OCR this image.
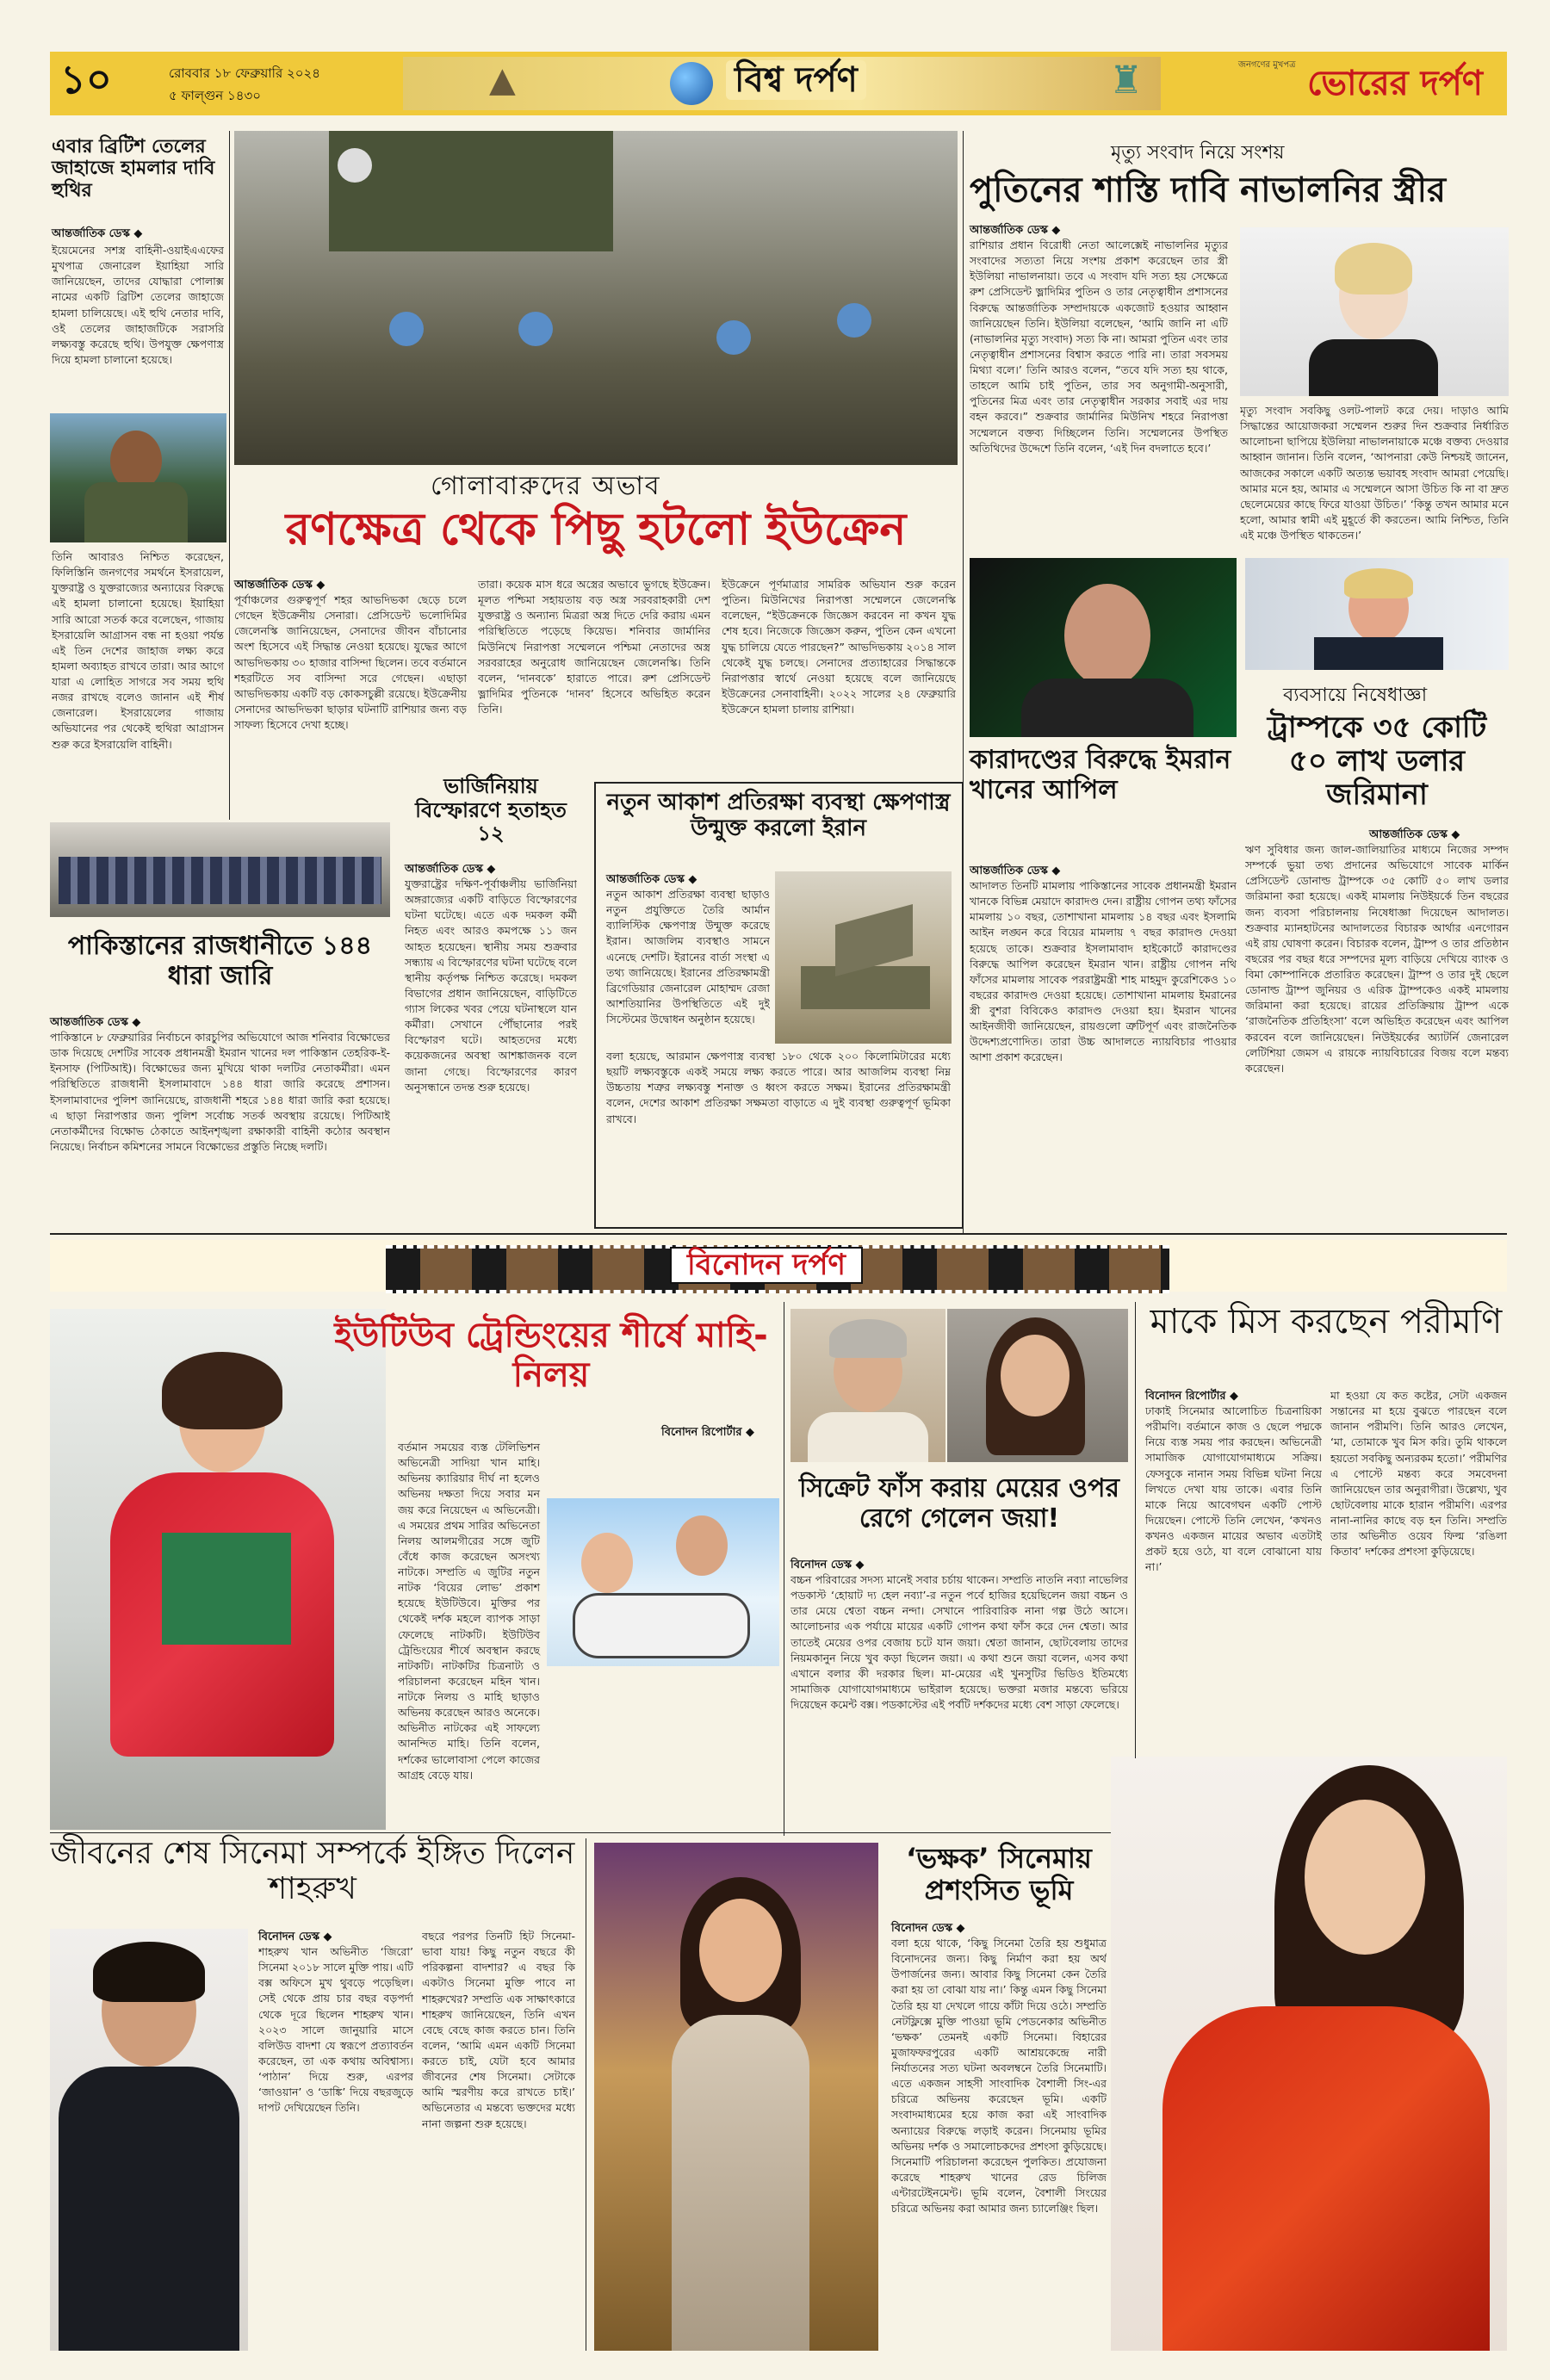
১০	রোববার ১৮ ফেব্রুয়ারি ২০২৪
৫ ফাল্গুন ১৪৩০	▲	♜
বিশ্ব দর্পণ	জনগণের মুখপত্র ভোরের দর্পণ
এবার ব্রিটিশ তেলের জাহাজে হামলার দাবি হুথির
আন্তর্জাতিক ডেস্ক ◆
ইয়েমেনের সশস্ত্র বাহিনী-ওয়াইএএফের মুখপাত্র জেনারেল ইয়াহিয়া সারি জানিয়েছেন, তাদের যোদ্ধারা পোলাক্স নামের একটি ব্রিটিশ তেলের জাহাজে হামলা চালিয়েছে। এই হুথি নেতার দাবি, ওই তেলের জাহাজটিকে সরাসরি লক্ষ্যবস্তু করেছে হুথি। উপযুক্ত ক্ষেপণাস্ত্র দিয়ে হামলা চালানো হয়েছে।
তিনি আবারও নিশ্চিত করেছেন, ফিলিস্তিনি জনগণের সমর্থনে ইসরায়েল, যুক্তরাষ্ট্র ও যুক্তরাজ্যের অন্যায়ের বিরুদ্ধে এই হামলা চালানো হয়েছে। ইয়াহিয়া সারি আরো সতর্ক করে বলেছেন, গাজায় ইসরায়েলি আগ্রাসন বন্ধ না হওয়া পর্যন্ত এই তিন দেশের জাহাজ লক্ষ্য করে হামলা অব্যাহত রাখবে তারা। আর আগে যারা এ লোহিত সাগরে সব সময় হুথি নজর রাখছে বলেও জানান এই শীর্ষ জেনারেল। ইসরায়েলের গাজায় অভিযানের পর থেকেই হুথিরা আগ্রাসন শুরু করে ইসরায়েলি বাহিনী।
গোলাবারুদের অভাব
রণক্ষেত্র থেকে পিছু হটলো ইউক্রেন
আন্তর্জাতিক ডেস্ক ◆
পূর্বাঞ্চলের গুরুত্বপূর্ণ শহর আভদিভকা ছেড়ে চলে গেছেন ইউক্রেনীয় সেনারা। প্রেসিডেন্ট ভলোদিমির জেলেনস্কি জানিয়েছেন, সেনাদের জীবন বাঁচানোর অংশ হিসেবে এই সিদ্ধান্ত নেওয়া হয়েছে। যুদ্ধের আগে আভদিভকায় ৩০ হাজার বাসিন্দা ছিলেন। তবে বর্তমানে শহরটিতে সব বাসিন্দা সরে গেছেন। এছাড়া আভদিভকায় একটি বড় কোকসচুল্লী রয়েছে। ইউক্রেনীয় সেনাদের আভদিভকা ছাড়ার ঘটনাটি রাশিয়ার জন্য বড় সাফল্য হিসেবে দেখা হচ্ছে।
তারা। কয়েক মাস ধরে অস্ত্রের অভাবে ভুগছে ইউক্রেন। মূলত পশ্চিমা সহায়তায় বড় অস্ত্র সরবরাহকারী দেশ যুক্তরাষ্ট্র ও অন্যান্য মিত্ররা অস্ত্র দিতে দেরি করায় এমন পরিস্থিতিতে পড়েছে কিয়েভ। শনিবার জার্মানির মিউনিখে নিরাপত্তা সম্মেলনে পশ্চিমা নেতাদের অস্ত্র সরবরাহের অনুরোধ জানিয়েছেন জেলেনস্কি। তিনি বলেন, ‘দানবকে’ হারাতে পারে। রুশ প্রেসিডেন্ট ভ্লাদিমির পুতিনকে ‘দানব’ হিসেবে অভিহিত করেন তিনি।
ইউক্রেনে পূর্ণমাত্রার সামরিক অভিযান শুরু করেন পুতিন। মিউনিখের নিরাপত্তা সম্মেলনে জেলেনস্কি বলেছেন, “ইউক্রেনকে জিজ্ঞেস করবেন না কখন যুদ্ধ শেষ হবে। নিজেকে জিজ্ঞেস করুন, পুতিন কেন এখনো যুদ্ধ চালিয়ে যেতে পারছেন?” আভদিভকায় ২০১৪ সাল থেকেই যুদ্ধ চলছে। সেনাদের প্রত্যাহারের সিদ্ধান্তকে নিরাপত্তার স্বার্থে নেওয়া হয়েছে বলে জানিয়েছে ইউক্রেনের সেনাবাহিনী। ২০২২ সালের ২৪ ফেব্রুয়ারি ইউক্রেনে হামলা চালায় রাশিয়া।
মৃত্যু সংবাদ নিয়ে সংশয়
পুতিনের শাস্তি দাবি নাভালনির স্ত্রীর
আন্তর্জাতিক ডেস্ক ◆
রাশিয়ার প্রধান বিরোধী নেতা আলেক্সেই নাভালনির মৃত্যুর সংবাদের সত্যতা নিয়ে সংশয় প্রকাশ করেছেন তার স্ত্রী ইউলিয়া নাভালনায়া। তবে এ সংবাদ যদি সত্য হয় সেক্ষেত্রে রুশ প্রেসিডেন্ট ভ্লাদিমির পুতিন ও তার নেতৃত্বাধীন প্রশাসনের বিরুদ্ধে আন্তর্জাতিক সম্প্রদায়কে একজোট হওয়ার আহ্বান জানিয়েছেন তিনি। ইউলিয়া বলেছেন, ‘আমি জানি না এটি (নাভালনির মৃত্যু সংবাদ) সত্য কি না। আমরা পুতিন এবং তার নেতৃত্বাধীন প্রশাসনের বিশ্বাস করতে পারি না। তারা সবসময় মিথ্যা বলে।’ তিনি আরও বলেন, “তবে যদি সত্য হয় থাকে, তাহলে আমি চাই পুতিন, তার সব অনুগামী-অনুসারী, পুতিনের মিত্র এবং তার নেতৃত্বাধীন সরকার সবাই এর দায় বহন করবে।” শুক্রবার জার্মানির মিউনিখ শহরে নিরাপত্তা সম্মেলনে বক্তব্য দিচ্ছিলেন তিনি। সম্মেলনের উপস্থিত অতিথিদের উদ্দেশে তিনি বলেন, ‘এই দিন বদলাতে হবে।’
মৃত্যু সংবাদ সবকিছু ওলট-পালট করে দেয়। দাড়াও আমি সিদ্ধান্তের আয়োজকরা সম্মেলন শুরুর দিন শুক্রবার নির্ধারিত আলোচনা ছাপিয়ে ইউলিয়া নাভালনায়াকে মঞ্চে বক্তব্য দেওয়ার আহ্বান জানান। তিনি বলেন, ‘আপনারা কেউ নিশ্চয়ই জানেন, আজকের সকালে একটি অত্যন্ত ভয়াবহ সংবাদ আমরা পেয়েছি। আমার মনে হয়, আমার এ সম্মেলনে আসা উচিত কি না বা দ্রুত ছেলেমেয়ের কাছে ফিরে যাওয়া উচিত।’ ‘কিন্তু তখন আমার মনে হলো, আমার স্বামী এই মুহূর্তে কী করতেন। আমি নিশ্চিত, তিনি এই মঞ্চে উপস্থিত থাকতেন।’
কারাদণ্ডের বিরুদ্ধে ইমরান খানের আপিল
আন্তর্জাতিক ডেস্ক ◆
আদালত তিনটি মামলায় পাকিস্তানের সাবেক প্রধানমন্ত্রী ইমরান খানকে বিভিন্ন মেয়াদে কারাদণ্ড দেন। রাষ্ট্রীয় গোপন তথ্য ফাঁসের মামলায় ১০ বছর, তোশাখানা মামলায় ১৪ বছর এবং ইসলামি আইন লঙ্ঘন করে বিয়ের মামলায় ৭ বছর কারাদণ্ড দেওয়া হয়েছে তাকে। শুক্রবার ইসলামাবাদ হাইকোর্টে কারাদণ্ডের বিরুদ্ধে আপিল করেছেন ইমরান খান। রাষ্ট্রীয় গোপন নথি ফাঁসের মামলায় সাবেক পররাষ্ট্রমন্ত্রী শাহ মাহমুদ কুরেশিকেও ১০ বছরের কারাদণ্ড দেওয়া হয়েছে। তোশাখানা মামলায় ইমরানের স্ত্রী বুশরা বিবিকেও কারাদণ্ড দেওয়া হয়। ইমরান খানের আইনজীবী জানিয়েছেন, রায়গুলো ত্রুটিপূর্ণ এবং রাজনৈতিক উদ্দেশ্যপ্রণোদিত। তারা উচ্চ আদালতে ন্যায়বিচার পাওয়ার আশা প্রকাশ করেছেন।
ব্যবসায়ে নিষেধাজ্ঞা
ট্রাম্পকে ৩৫ কোটি ৫০ লাখ ডলার জরিমানা
আন্তর্জাতিক ডেস্ক ◆
ঋণ সুবিধার জন্য জাল-জালিয়াতির মাধ্যমে নিজের সম্পদ সম্পর্কে ভুয়া তথ্য প্রদানের অভিযোগে সাবেক মার্কিন প্রেসিডেন্ট ডোনাল্ড ট্রাম্পকে ৩৫ কোটি ৫০ লাখ ডলার জরিমানা করা হয়েছে। একই মামলায় নিউইয়র্কে তিন বছরের জন্য ব্যবসা পরিচালনায় নিষেধাজ্ঞা দিয়েছেন আদালত। শুক্রবার ম্যানহাটনের আদালতের বিচারক আর্থার এনগোরন এই রায় ঘোষণা করেন। বিচারক বলেন, ট্রাম্প ও তার প্রতিষ্ঠান বছরের পর বছর ধরে সম্পদের মূল্য বাড়িয়ে দেখিয়ে ব্যাংক ও বিমা কোম্পানিকে প্রতারিত করেছেন। ট্রাম্প ও তার দুই ছেলে ডোনাল্ড ট্রাম্প জুনিয়র ও এরিক ট্রাম্পকেও একই মামলায় জরিমানা করা হয়েছে। রায়ের প্রতিক্রিয়ায় ট্রাম্প একে ‘রাজনৈতিক প্রতিহিংসা’ বলে অভিহিত করেছেন এবং আপিল করবেন বলে জানিয়েছেন। নিউইয়র্কের অ্যাটর্নি জেনারেল লেটিশিয়া জেমস এ রায়কে ন্যায়বিচারের বিজয় বলে মন্তব্য করেছেন।
পাকিস্তানের রাজধানীতে ১৪৪ ধারা জারি
আন্তর্জাতিক ডেস্ক ◆
পাকিস্তানে ৮ ফেব্রুয়ারির নির্বাচনে কারচুপির অভিযোগে আজ শনিবার বিক্ষোভের ডাক দিয়েছে দেশটির সাবেক প্রধানমন্ত্রী ইমরান খানের দল পাকিস্তান তেহরিক-ই-ইনসাফ (পিটিআই)। বিক্ষোভের জন্য মুখিয়ে থাকা দলটির নেতাকর্মীরা। এমন পরিস্থিতিতে রাজধানী ইসলামাবাদে ১৪৪ ধারা জারি করেছে প্রশাসন। ইসলামাবাদের পুলিশ জানিয়েছে, রাজধানী শহরে ১৪৪ ধারা জারি করা হয়েছে। এ ছাড়া নিরাপত্তার জন্য পুলিশ সর্বোচ্চ সতর্ক অবস্থায় রয়েছে। পিটিআই নেতাকর্মীদের বিক্ষোভ ঠেকাতে আইনশৃঙ্খলা রক্ষাকারী বাহিনী কঠোর অবস্থান নিয়েছে। নির্বাচন কমিশনের সামনে বিক্ষোভের প্রস্তুতি নিচ্ছে দলটি।
ভার্জিনিয়ায় বিস্ফোরণে হতাহত ১২
আন্তর্জাতিক ডেস্ক ◆
যুক্তরাষ্ট্রের দক্ষিণ-পূর্বাঞ্চলীয় ভার্জিনিয়া অঙ্গরাজ্যের একটি বাড়িতে বিস্ফোরণের ঘটনা ঘটেছে। এতে এক দমকল কর্মী নিহত এবং আরও কমপক্ষে ১১ জন আহত হয়েছেন। স্থানীয় সময় শুক্রবার সন্ধ্যায় এ বিস্ফোরণের ঘটনা ঘটেছে বলে স্থানীয় কর্তৃপক্ষ নিশ্চিত করেছে। দমকল বিভাগের প্রধান জানিয়েছেন, বাড়িটিতে গ্যাস লিকের খবর পেয়ে ঘটনাস্থলে যান কর্মীরা। সেখানে পৌঁছানোর পরই বিস্ফোরণ ঘটে। আহতদের মধ্যে কয়েকজনের অবস্থা আশঙ্কাজনক বলে জানা গেছে। বিস্ফোরণের কারণ অনুসন্ধানে তদন্ত শুরু হয়েছে।
নতুন আকাশ প্রতিরক্ষা ব্যবস্থা ক্ষেপণাস্ত্র উন্মুক্ত করলো ইরান
আন্তর্জাতিক ডেস্ক ◆
নতুন আকাশ প্রতিরক্ষা ব্যবস্থা ছাড়াও নতুন প্রযুক্তিতে তৈরি আর্মান ব্যালিস্টিক ক্ষেপণাস্ত্র উন্মুক্ত করেছে ইরান। আজলিম ব্যবস্থাও সামনে এনেছে দেশটি। ইরানের বার্তা সংস্থা এ তথ্য জানিয়েছে। ইরানের প্রতিরক্ষামন্ত্রী ব্রিগেডিয়ার জেনারেল মোহাম্মদ রেজা আশতিয়ানির উপস্থিতিতে এই দুই সিস্টেমের উদ্বোধন অনুষ্ঠান হয়েছে।
বলা হয়েছে, আরমান ক্ষেপণাস্ত্র ব্যবস্থা ১৮০ থেকে ২০০ কিলোমিটারের মধ্যে ছয়টি লক্ষ্যবস্তুকে একই সময়ে লক্ষ্য করতে পারে। আর আজলিম ব্যবস্থা নিম্ন উচ্চতায় শত্রুর লক্ষ্যবস্তু শনাক্ত ও ধ্বংস করতে সক্ষম। ইরানের প্রতিরক্ষামন্ত্রী বলেন, দেশের আকাশ প্রতিরক্ষা সক্ষমতা বাড়াতে এ দুই ব্যবস্থা গুরুত্বপূর্ণ ভূমিকা রাখবে।
বিনোদন দর্পণ
ইউটিউব ট্রেন্ডিংয়ের শীর্ষে মাহি-নিলয়
বিনোদন রিপোর্টার ◆
বর্তমান সময়ের ব্যস্ত টেলিভিশন অভিনেত্রী সাদিয়া খান মাহি। অভিনয় ক্যারিয়ার দীর্ঘ না হলেও অভিনয় দক্ষতা দিয়ে সবার মন জয় করে নিয়েছেন এ অভিনেত্রী। এ সময়ের প্রথম সারির অভিনেতা নিলয় আলমগীরের সঙ্গে জুটি বেঁধে কাজ করেছেন অসংখ্য নাটকে। সম্প্রতি এ জুটির নতুন নাটক ‘বিয়ের লোভ’ প্রকাশ হয়েছে ইউটিউবে। মুক্তির পর থেকেই দর্শক মহলে ব্যাপক সাড়া ফেলেছে নাটকটি। ইউটিউব ট্রেন্ডিংয়ের শীর্ষে অবস্থান করছে নাটকটি। নাটকটির চিত্রনাট্য ও পরিচালনা করেছেন মহিন খান। নাটকে নিলয় ও মাহি ছাড়াও অভিনয় করেছেন আরও অনেকে। অভিনীত নাটকের এই সাফল্যে আনন্দিত মাহি। তিনি বলেন, দর্শকের ভালোবাসা পেলে কাজের আগ্রহ বেড়ে যায়।
সিক্রেট ফাঁস করায় মেয়ের ওপর রেগে গেলেন জয়া!
বিনোদন ডেস্ক ◆
বচ্চন পরিবারের সদস্য মানেই সবার চর্চায় থাকেন। সম্প্রতি নাতনি নব্যা নাভেলির পডকাস্ট ‘হোয়াট দ্য হেল নব্যা’-র নতুন পর্বে হাজির হয়েছিলেন জয়া বচ্চন ও তার মেয়ে শ্বেতা বচ্চন নন্দা। সেখানে পারিবারিক নানা গল্প উঠে আসে। আলোচনার এক পর্যায়ে মায়ের একটি গোপন কথা ফাঁস করে দেন শ্বেতা। আর তাতেই মেয়ের ওপর বেজায় চটে যান জয়া। শ্বেতা জানান, ছোটবেলায় তাদের নিয়মকানুন নিয়ে খুব কড়া ছিলেন জয়া। এ কথা শুনে জয়া বলেন, এসব কথা এখানে বলার কী দরকার ছিল। মা-মেয়ের এই খুনসুটির ভিডিও ইতিমধ্যে সামাজিক যোগাযোগমাধ্যমে ভাইরাল হয়েছে। ভক্তরা মজার মন্তব্যে ভরিয়ে দিয়েছেন কমেন্ট বক্স। পডকাস্টের এই পর্বটি দর্শকদের মধ্যে বেশ সাড়া ফেলেছে।
মাকে মিস করছেন পরীমণি
বিনোদন রিপোর্টার ◆
ঢাকাই সিনেমার আলোচিত চিত্রনায়িকা পরীমণি। বর্তমানে কাজ ও ছেলে পদ্মকে নিয়ে ব্যস্ত সময় পার করছেন। অভিনেত্রী সামাজিক যোগাযোগমাধ্যমে সক্রিয়। ফেসবুকে নানান সময় বিভিন্ন ঘটনা নিয়ে লিখতে দেখা যায় তাকে। এবার তিনি মাকে নিয়ে আবেগঘন একটি পোস্ট দিয়েছেন। পোস্টে তিনি লেখেন, ‘কখনও কখনও একজন মায়ের অভাব এতটাই প্রকট হয়ে ওঠে, যা বলে বোঝানো যায় না।’
মা হওয়া যে কত কষ্টের, সেটা একজন সন্তানের মা হয়ে বুঝতে পারছেন বলে জানান পরীমণি। তিনি আরও লেখেন, ‘মা, তোমাকে খুব মিস করি। তুমি থাকলে হয়তো সবকিছু অন্যরকম হতো।’ পরীমণির এ পোস্টে মন্তব্য করে সমবেদনা জানিয়েছেন তার অনুরাগীরা। উল্লেখ্য, খুব ছোটবেলায় মাকে হারান পরীমণি। এরপর নানা-নানির কাছে বড় হন তিনি। সম্প্রতি তার অভিনীত ওয়েব ফিল্ম ‘রঙিলা কিতাব’ দর্শকের প্রশংসা কুড়িয়েছে।
জীবনের শেষ সিনেমা সম্পর্কে ইঙ্গিত দিলেন শাহরুখ
বিনোদন ডেস্ক ◆
শাহরুখ খান অভিনীত ‘জিরো’ সিনেমা ২০১৮ সালে মুক্তি পায়। এটি বক্স অফিসে মুখ থুবড়ে পড়েছিল। সেই থেকে প্রায় চার বছর বড়পর্দা থেকে দূরে ছিলেন শাহরুখ খান। ২০২৩ সালে জানুয়ারি মাসে বলিউড বাদশা যে স্বরূপে প্রত্যাবর্তন করেছেন, তা এক কথায় অবিশ্বাস্য। ‘পাঠান’ দিয়ে শুরু, এরপর ‘জাওয়ান’ ও ‘ডাঙ্কি’ দিয়ে বছরজুড়ে দাপট দেখিয়েছেন তিনি।
বছরে পরপর তিনটি হিট সিনেমা-ভাবা যায়! কিছু নতুন বছরে কী পরিকল্পনা বাদশার? এ বছর কি একটাও সিনেমা মুক্তি পাবে না শাহরুখের? সম্প্রতি এক সাক্ষাৎকারে শাহরুখ জানিয়েছেন, তিনি এখন বেছে বেছে কাজ করতে চান। তিনি বলেন, ‘আমি এমন একটি সিনেমা করতে চাই, যেটা হবে আমার জীবনের শেষ সিনেমা। সেটাকে আমি স্মরণীয় করে রাখতে চাই।’ অভিনেতার এ মন্তব্যে ভক্তদের মধ্যে নানা জল্পনা শুরু হয়েছে।
‘ভক্ষক’ সিনেমায় প্রশংসিত ভূমি
বিনোদন ডেস্ক ◆
বলা হয়ে থাকে, ‘কিছু সিনেমা তৈরি হয় শুধুমাত্র বিনোদনের জন্য। কিছু নির্মাণ করা হয় অর্থ উপার্জনের জন্য। আবার কিছু সিনেমা কেন তৈরি করা হয় তা বোঝা যায় না।’ কিন্তু এমন কিছু সিনেমা তৈরি হয় যা দেখলে গায়ে কাঁটা দিয়ে ওঠে। সম্প্রতি নেটফ্লিক্সে মুক্তি পাওয়া ভূমি পেডনেকার অভিনীত ‘ভক্ষক’ তেমনই একটি সিনেমা। বিহারের মুজাফফরপুরের একটি আশ্রয়কেন্দ্রে নারী নির্যাতনের সত্য ঘটনা অবলম্বনে তৈরি সিনেমাটি। এতে একজন সাহসী সাংবাদিক বৈশালী সিং-এর চরিত্রে অভিনয় করেছেন ভূমি। একটি সংবাদমাধ্যমের হয়ে কাজ করা এই সাংবাদিক অন্যায়ের বিরুদ্ধে লড়াই করেন। সিনেমায় ভূমির অভিনয় দর্শক ও সমালোচকদের প্রশংসা কুড়িয়েছে। সিনেমাটি পরিচালনা করেছেন পুলকিত। প্রযোজনা করেছে শাহরুখ খানের রেড চিলিজ এন্টারটেইনমেন্ট। ভূমি বলেন, বৈশালী সিংয়ের চরিত্রে অভিনয় করা আমার জন্য চ্যালেঞ্জিং ছিল।
